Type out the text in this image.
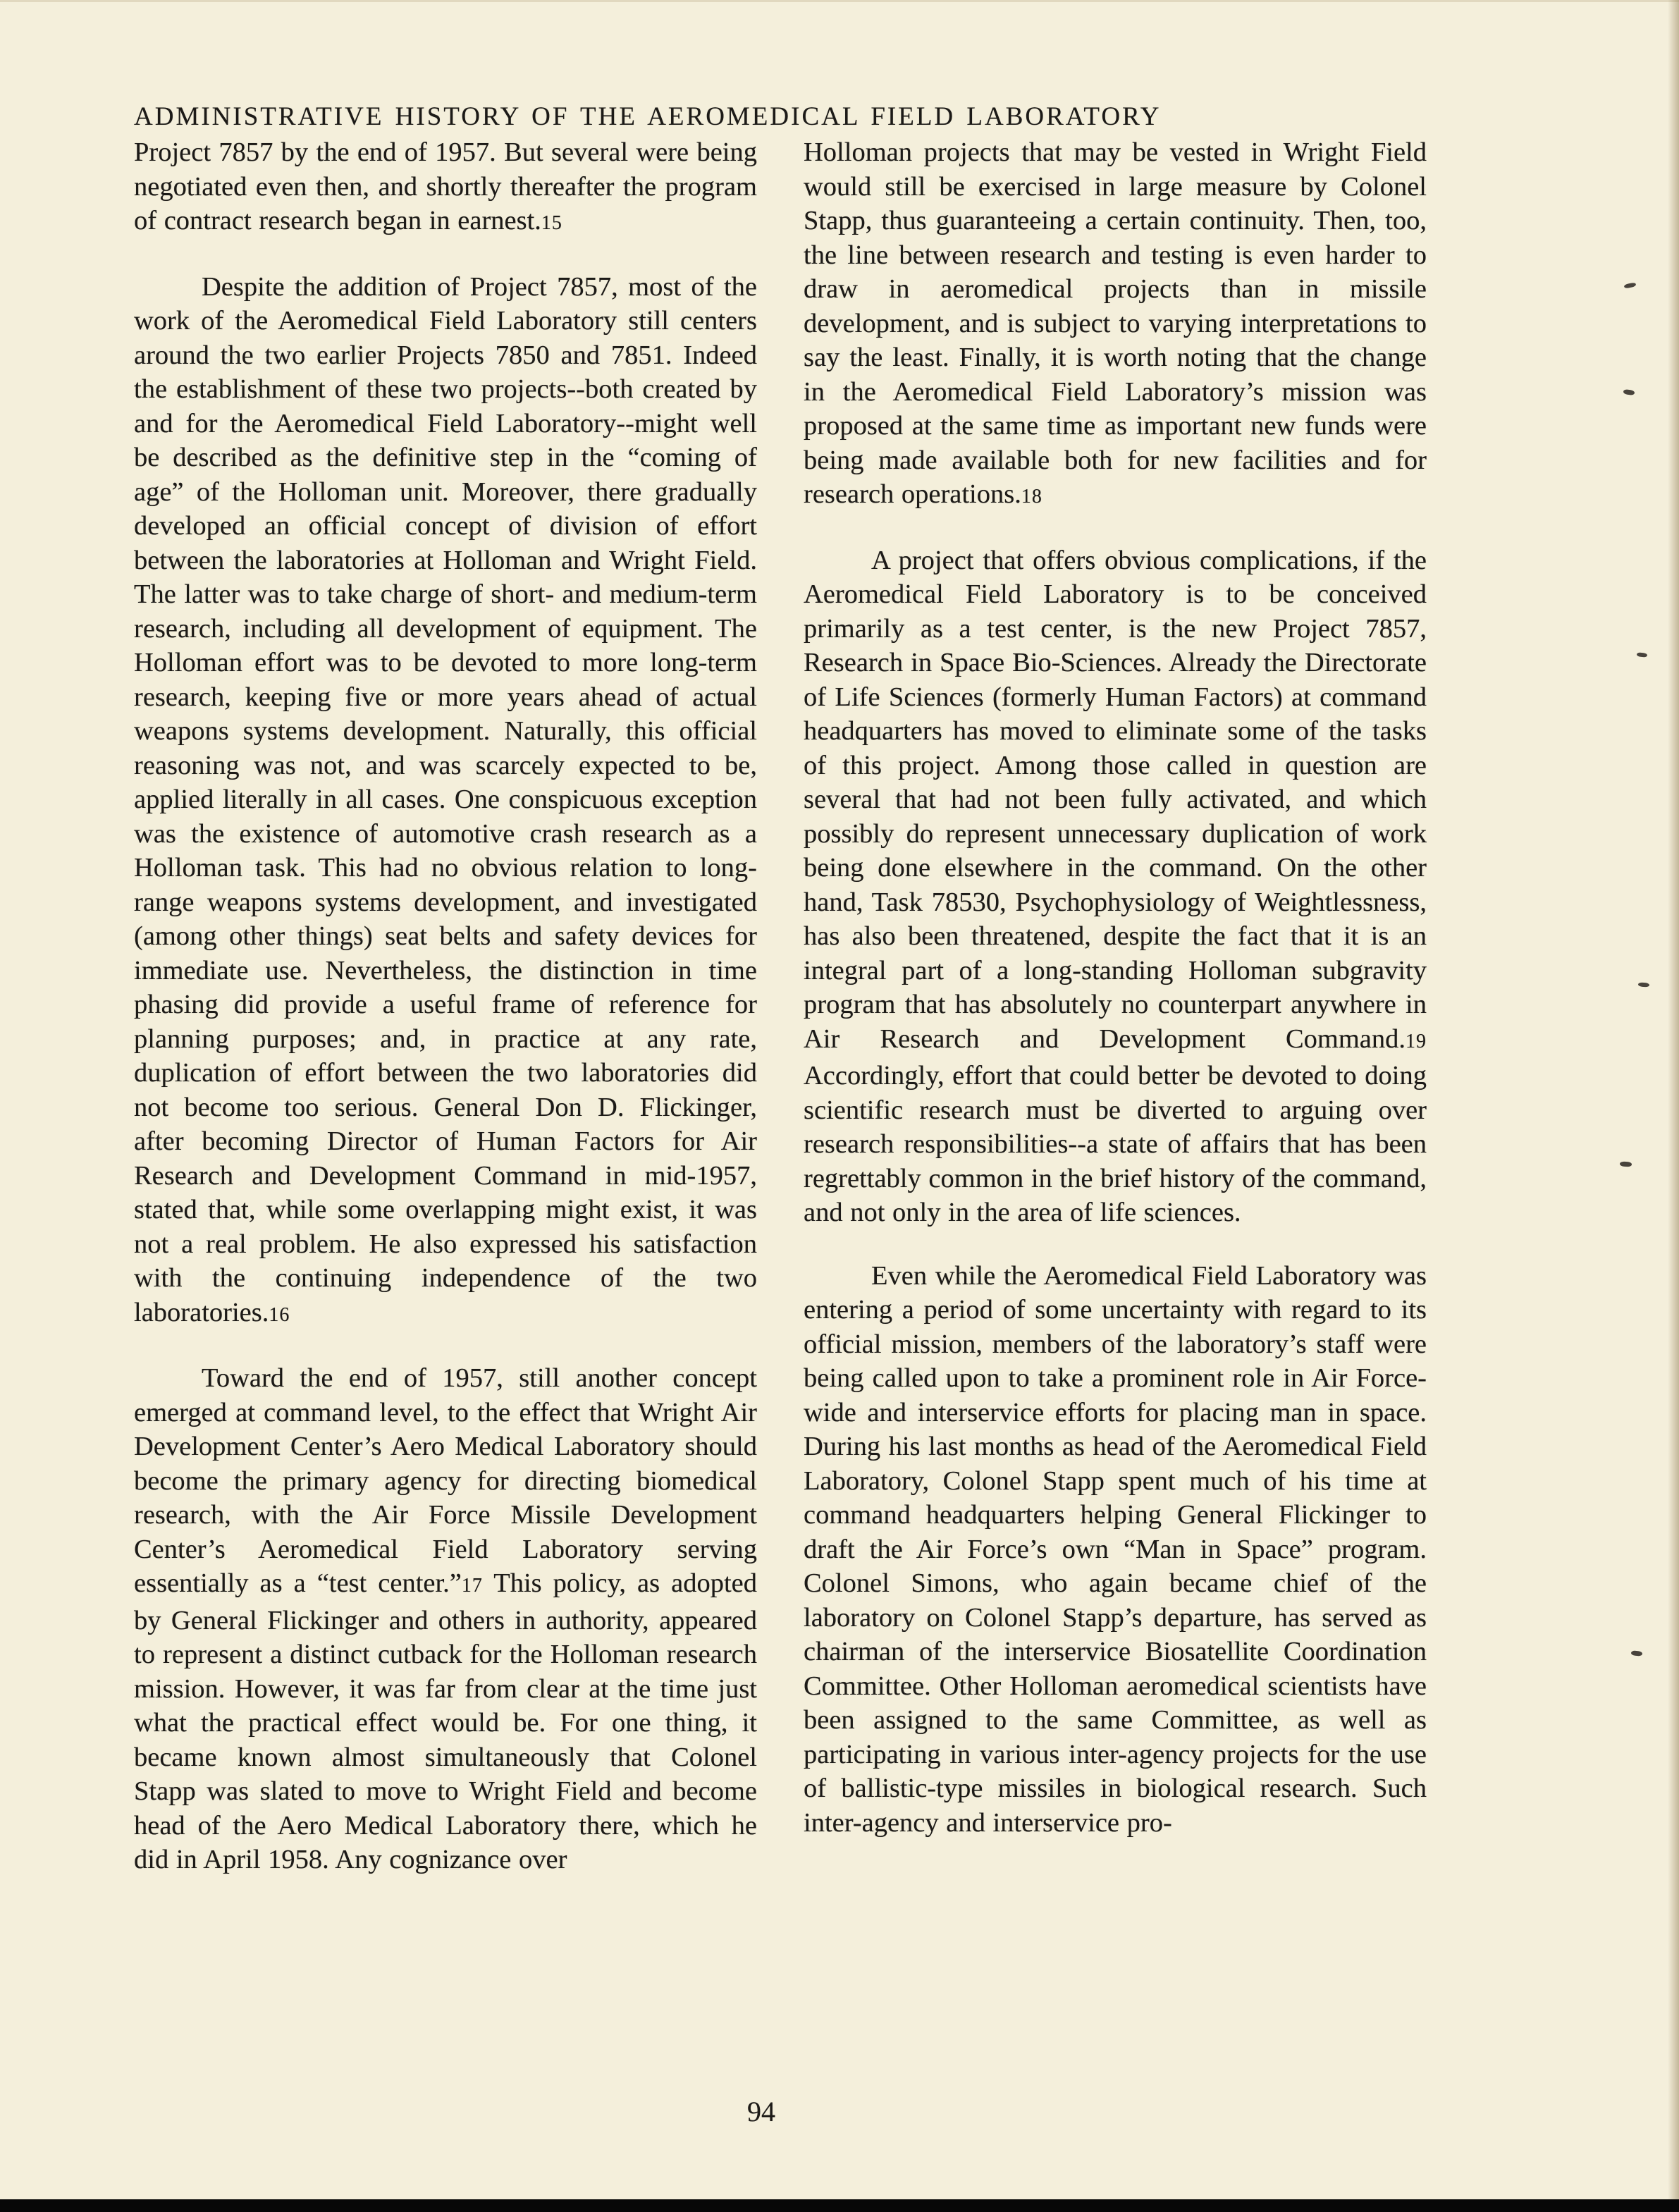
ADMINISTRATIVE HISTORY OF THE AEROMEDICAL FIELD LABORATORY

Project 7857 by the end of 1957. But several were being negotiated even then, and shortly thereafter the program of contract research began in earnest.15

Despite the addition of Project 7857, most of the work of the Aeromedical Field Laboratory still centers around the two earlier Projects 7850 and 7851. Indeed the establishment of these two projects--both created by and for the Aeromedical Field Laboratory--might well be described as the definitive step in the “coming of age” of the Holloman unit. Moreover, there gradually developed an official concept of division of effort between the laboratories at Holloman and Wright Field. The latter was to take charge of short- and medium-term research, including all development of equipment. The Holloman effort was to be devoted to more long-term research, keeping five or more years ahead of actual weapons systems development. Naturally, this official reasoning was not, and was scarcely expected to be, applied literally in all cases. One conspicuous exception was the existence of automotive crash research as a Holloman task. This had no obvious relation to long-range weapons systems development, and investigated (among other things) seat belts and safety devices for immediate use. Nevertheless, the distinction in time phasing did provide a useful frame of reference for planning purposes; and, in practice at any rate, duplication of effort between the two laboratories did not become too serious. General Don D. Flickinger, after becoming Director of Human Factors for Air Research and Development Command in mid-1957, stated that, while some overlapping might exist, it was not a real problem. He also expressed his satisfaction with the continuing independence of the two laboratories.16

Toward the end of 1957, still another concept emerged at command level, to the effect that Wright Air Development Center’s Aero Medical Laboratory should become the primary agency for directing biomedical research, with the Air Force Missile Development Center’s Aeromedical Field Laboratory serving essentially as a “test center.”17 This policy, as adopted by General Flickinger and others in authority, appeared to represent a distinct cutback for the Holloman research mission. However, it was far from clear at the time just what the practical effect would be. For one thing, it became known almost simultaneously that Colonel Stapp was slated to move to Wright Field and become head of the Aero Medical Laboratory there, which he did in April 1958. Any cognizance over

Holloman projects that may be vested in Wright Field would still be exercised in large measure by Colonel Stapp, thus guaranteeing a certain continuity. Then, too, the line between research and testing is even harder to draw in aeromedical projects than in missile development, and is subject to varying interpretations to say the least. Finally, it is worth noting that the change in the Aeromedical Field Laboratory’s mission was proposed at the same time as important new funds were being made available both for new facilities and for research operations.18

A project that offers obvious complications, if the Aeromedical Field Laboratory is to be conceived primarily as a test center, is the new Project 7857, Research in Space Bio-Sciences. Already the Directorate of Life Sciences (formerly Human Factors) at command headquarters has moved to eliminate some of the tasks of this project. Among those called in question are several that had not been fully activated, and which possibly do represent unnecessary duplication of work being done elsewhere in the command. On the other hand, Task 78530, Psychophysiology of Weightlessness, has also been threatened, despite the fact that it is an integral part of a long-standing Holloman subgravity program that has absolutely no counterpart anywhere in Air Research and Development Command.19 Accordingly, effort that could better be devoted to doing scientific research must be diverted to arguing over research responsibilities--a state of affairs that has been regrettably common in the brief history of the command, and not only in the area of life sciences.

Even while the Aeromedical Field Laboratory was entering a period of some uncertainty with regard to its official mission, members of the laboratory’s staff were being called upon to take a prominent role in Air Force-wide and interservice efforts for placing man in space. During his last months as head of the Aeromedical Field Laboratory, Colonel Stapp spent much of his time at command headquarters helping General Flickinger to draft the Air Force’s own “Man in Space” program. Colonel Simons, who again became chief of the laboratory on Colonel Stapp’s departure, has served as chairman of the interservice Biosatellite Coordination Committee. Other Holloman aeromedical scientists have been assigned to the same Committee, as well as participating in various inter-agency projects for the use of ballistic-type missiles in biological research. Such inter-agency and interservice pro-

94
